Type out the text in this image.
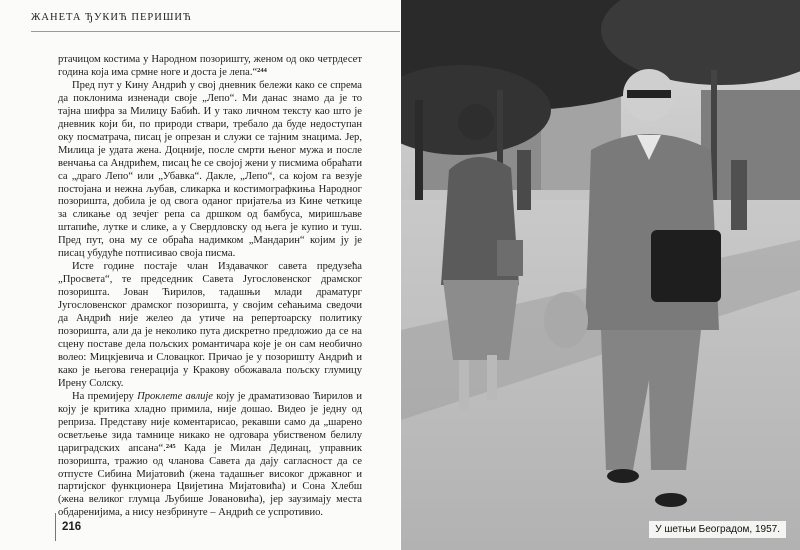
ЖАНЕТА ЂУКИЋ ПЕРИШИЋ

ртачицом костима у Народном позоришту, женом од око четрдесет година која има срмне ноге и доста је лепа.“$^{244}$

Пред пут у Кину Андрић у свој дневник бележи како се спрема да поклонима изненади своје „Лепо“. Ми данас знамо да је то тајна шифра за Милицу Бабић. И у тако личном тексту као што је дневник који би, по природи ствари, требало да буде недоступан оку посматрача, писац је опрезан и служи се тајним знацима. Јер, Милица је удата жена. Доцније, после смрти њеног мужа и после венчања са Андрићем, писац ће се својој жени у писмима обраћати са „драго Лепо“ или „Убавка“. Дакле, „Лепо“, са којом га везује постојана и нежна љубав, сликарка и костимографкиња Народног позоришта, добила је од свога оданог пријатеља из Кине четкице за сликање од зечјег репа са дршком од бамбуса, миришљаве штапиће, лутке и слике, а у Свердловску од њега је купио и туш. Пред пут, она му се обраћа надимком „Мандарин“ којим ју је писац убудуће потписивао своја писма.

Исте године постаје члан Издавачког савета предузећа „Просвета“, те председник Савета Југословенског драмског позоришта. Јован Ћирилов, тадашњи млади драматург Југословенског драмског позоришта, у својим сећањима сведочи да Андрић није желео да утиче на репертоарску политику позоришта, али да је неколико пута дискретно предложио да се на сцену поставе дела пољских романтичара које је он сам необично волео: Мицкјевича и Словацког. Причао је у позоришту Андрић и како је његова генерација у Кракову обожавала пољску глумицу Ирену Солску.

На премијеру Проклете авлије коју је драматизовао Ћирилов и коју је критика хладно примила, није дошао. Видео је једну од реприза. Представу није коментарисао, рекавши само да „шарено осветљење зида тамнице никако не одговара убиственом белилу цариградских апсана“.$^{245}$ Када је Милан Дединац, управник позоришта, тражио од чланова Савета да дају сагласност да се отпусте Сибина Мијатовић (жена тадашњег високог државног и партијског функционера Цвијетина Мијатовића) и Сона Хлебш (жена великог глумца Љубише Јовановића), јер заузимају места обдаренијима, а нису незбринуте – Андрић се успротивио.

216	У шетњи Београдом, 1957.
